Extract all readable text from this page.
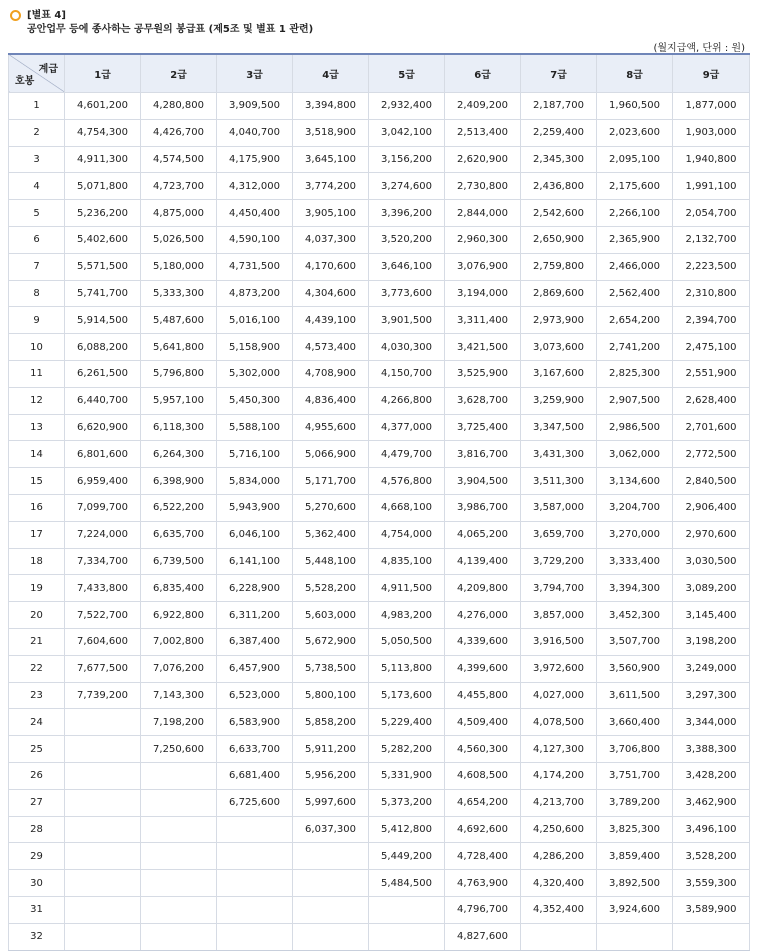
[별표 4]
공안업무 등에 종사하는 공무원의 봉급표 (제5조 및 별표 1 관련)
(월지급액, 단위 : 원)
계급
호봉	1급	2급	3급	4급	5급	6급	7급	8급	9급
1	4,601,200	4,280,800	3,909,500	3,394,800	2,932,400	2,409,200	2,187,700	1,960,500	1,877,000
2	4,754,300	4,426,700	4,040,700	3,518,900	3,042,100	2,513,400	2,259,400	2,023,600	1,903,000
3	4,911,300	4,574,500	4,175,900	3,645,100	3,156,200	2,620,900	2,345,300	2,095,100	1,940,800
4	5,071,800	4,723,700	4,312,000	3,774,200	3,274,600	2,730,800	2,436,800	2,175,600	1,991,100
5	5,236,200	4,875,000	4,450,400	3,905,100	3,396,200	2,844,000	2,542,600	2,266,100	2,054,700
6	5,402,600	5,026,500	4,590,100	4,037,300	3,520,200	2,960,300	2,650,900	2,365,900	2,132,700
7	5,571,500	5,180,000	4,731,500	4,170,600	3,646,100	3,076,900	2,759,800	2,466,000	2,223,500
8	5,741,700	5,333,300	4,873,200	4,304,600	3,773,600	3,194,000	2,869,600	2,562,400	2,310,800
9	5,914,500	5,487,600	5,016,100	4,439,100	3,901,500	3,311,400	2,973,900	2,654,200	2,394,700
10	6,088,200	5,641,800	5,158,900	4,573,400	4,030,300	3,421,500	3,073,600	2,741,200	2,475,100
11	6,261,500	5,796,800	5,302,000	4,708,900	4,150,700	3,525,900	3,167,600	2,825,300	2,551,900
12	6,440,700	5,957,100	5,450,300	4,836,400	4,266,800	3,628,700	3,259,900	2,907,500	2,628,400
13	6,620,900	6,118,300	5,588,100	4,955,600	4,377,000	3,725,400	3,347,500	2,986,500	2,701,600
14	6,801,600	6,264,300	5,716,100	5,066,900	4,479,700	3,816,700	3,431,300	3,062,000	2,772,500
15	6,959,400	6,398,900	5,834,000	5,171,700	4,576,800	3,904,500	3,511,300	3,134,600	2,840,500
16	7,099,700	6,522,200	5,943,900	5,270,600	4,668,100	3,986,700	3,587,000	3,204,700	2,906,400
17	7,224,000	6,635,700	6,046,100	5,362,400	4,754,000	4,065,200	3,659,700	3,270,000	2,970,600
18	7,334,700	6,739,500	6,141,100	5,448,100	4,835,100	4,139,400	3,729,200	3,333,400	3,030,500
19	7,433,800	6,835,400	6,228,900	5,528,200	4,911,500	4,209,800	3,794,700	3,394,300	3,089,200
20	7,522,700	6,922,800	6,311,200	5,603,000	4,983,200	4,276,000	3,857,000	3,452,300	3,145,400
21	7,604,600	7,002,800	6,387,400	5,672,900	5,050,500	4,339,600	3,916,500	3,507,700	3,198,200
22	7,677,500	7,076,200	6,457,900	5,738,500	5,113,800	4,399,600	3,972,600	3,560,900	3,249,000
23	7,739,200	7,143,300	6,523,000	5,800,100	5,173,600	4,455,800	4,027,000	3,611,500	3,297,300
24		7,198,200	6,583,900	5,858,200	5,229,400	4,509,400	4,078,500	3,660,400	3,344,000
25		7,250,600	6,633,700	5,911,200	5,282,200	4,560,300	4,127,300	3,706,800	3,388,300
26			6,681,400	5,956,200	5,331,900	4,608,500	4,174,200	3,751,700	3,428,200
27			6,725,600	5,997,600	5,373,200	4,654,200	4,213,700	3,789,200	3,462,900
28				6,037,300	5,412,800	4,692,600	4,250,600	3,825,300	3,496,100
29					5,449,200	4,728,400	4,286,200	3,859,400	3,528,200
30					5,484,500	4,763,900	4,320,400	3,892,500	3,559,300
31						4,796,700	4,352,400	3,924,600	3,589,900
32						4,827,600			
